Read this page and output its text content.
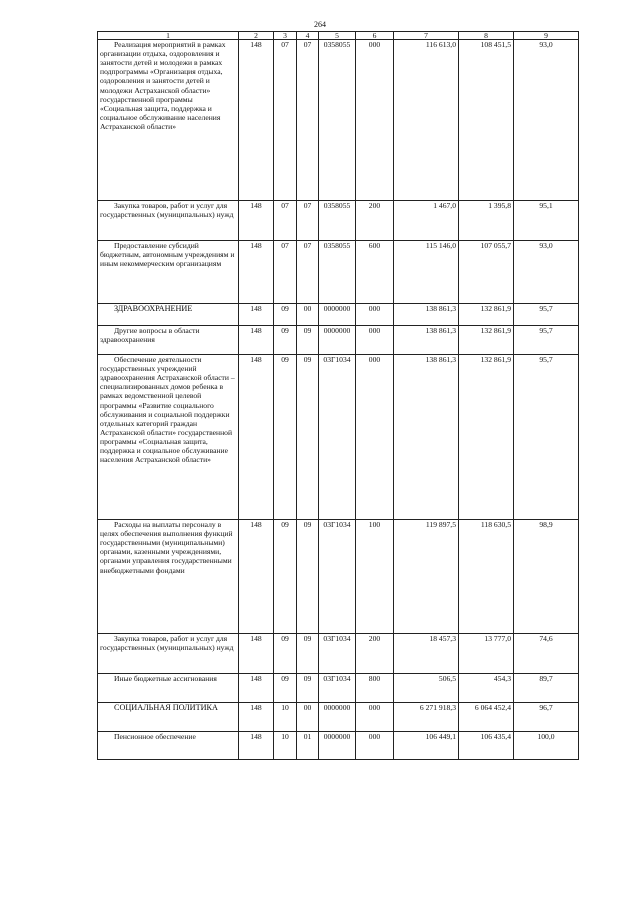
264
1	2	3	4	5	6	7	8	9

Реализация мероприятий в рамках организации отдыха, оздоровления и занятости детей и молодежи в рамках подпрограммы «Организация отдыха, оздоровления и занятости детей и молодежи Астраханской области» государственной программы «Социальная защита, поддержка и социальное обслуживание населения Астраханской области»	148	07	07	0358055	000	116 613,0	108 451,5	93,0

Закупка товаров, работ и услуг для государственных (муниципальных) нужд	148	07	07	0358055	200	1 467,0	1 395,8	95,1

Предоставление субсидий бюджетным, автономным учреждениям и иным некоммерческим организациям	148	07	07	0358055	600	115 146,0	107 055,7	93,0

ЗДРАВООХРАНЕНИЕ	148	09	00	0000000	000	138 861,3	132 861,9	95,7

Другие вопросы в области здравоохранения	148	09	09	0000000	000	138 861,3	132 861,9	95,7

Обеспечение деятельности государственных учреждений здравоохранения Астраханской области – специализированных домов ребенка в рамках ведомственной целевой программы «Развитие социального обслуживания и социальной поддержки отдельных категорий граждан Астраханской области» государственной программы «Социальная защита, поддержка и социальное обслуживание населения Астраханской области»	148	09	09	03Г1034	000	138 861,3	132 861,9	95,7

Расходы на выплаты персоналу в целях обеспечения выполнения функций государственными (муниципальными) органами, казенными учреждениями, органами управления государственными внебюджетными фондами	148	09	09	03Г1034	100	119 897,5	118 630,5	98,9

Закупка товаров, работ и услуг для государственных (муниципальных) нужд	148	09	09	03Г1034	200	18 457,3	13 777,0	74,6

Иные бюджетные ассигнования	148	09	09	03Г1034	800	506,5	454,3	89,7

СОЦИАЛЬНАЯ ПОЛИТИКА	148	10	00	0000000	000	6 271 918,3	6 064 452,4	96,7

Пенсионное обеспечение	148	10	01	0000000	000	106 449,1	106 435,4	100,0
